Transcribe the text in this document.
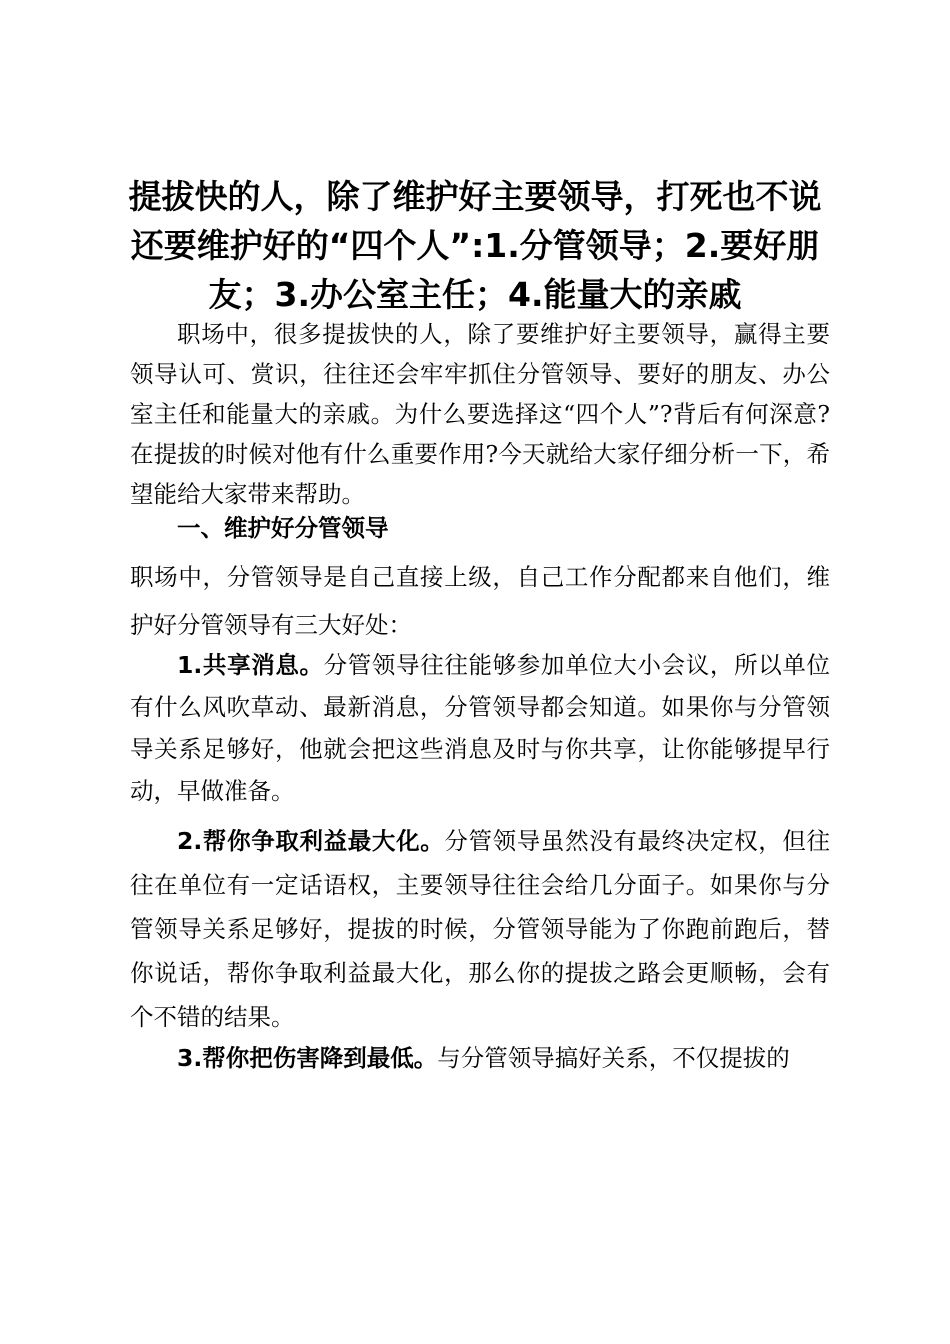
提拔快的人，除了维护好主要领导，打死也不说还要维护好的“四个人”:1.分管领导；2.要好朋友；3.办公室主任；4.能量大的亲戚

职场中，很多提拔快的人，除了要维护好主要领导，赢得主要领导认可、赏识，往往还会牢牢抓住分管领导、要好的朋友、办公室主任和能量大的亲戚。为什么要选择这“四个人”?背后有何深意?在提拔的时候对他有什么重要作用?今天就给大家仔细分析一下，希望能给大家带来帮助。

一、维护好分管领导

职场中，分管领导是自己直接上级，自己工作分配都来自他们，维护好分管领导有三大好处：

1.共享消息。分管领导往往能够参加单位大小会议，所以单位有什么风吹草动、最新消息，分管领导都会知道。如果你与分管领导关系足够好，他就会把这些消息及时与你共享，让你能够提早行动，早做准备。

2.帮你争取利益最大化。分管领导虽然没有最终决定权，但往往在单位有一定话语权，主要领导往往会给几分面子。如果你与分管领导关系足够好，提拔的时候，分管领导能为了你跑前跑后，替你说话，帮你争取利益最大化，那么你的提拔之路会更顺畅，会有个不错的结果。

3.帮你把伤害降到最低。与分管领导搞好关系，不仅提拔的
